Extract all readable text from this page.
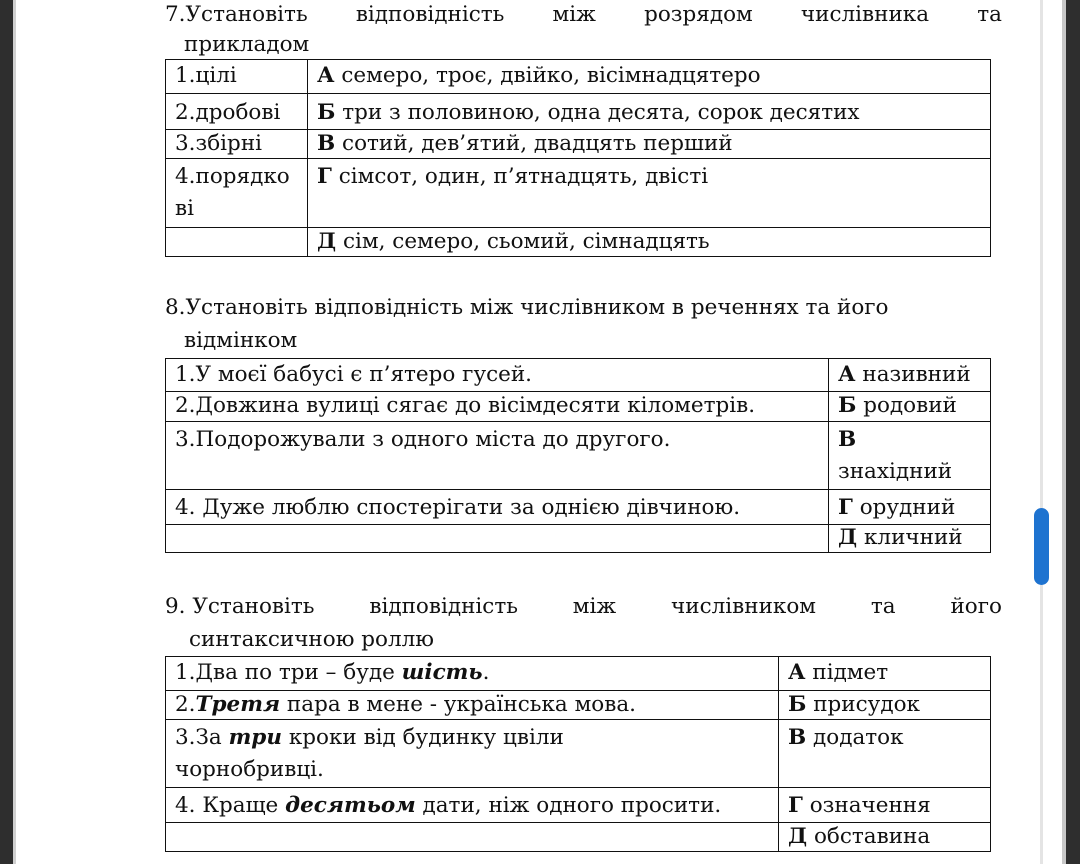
7.Установіть відповідність між розрядом числівника та
прикладом
1.цілі	А семеро, троє, двійко, вісімнадцятеро
2.дробові	Б три з половиною, одна десята, сорок десятих
3.збірні	В сотий, дев’ятий, двадцять перший

4.порядко
ві	Г сімсот, один, п’ятнадцять, двісті
	Д сім, семеро, сьомий, сімнадцять
8.Установіть відповідність між числівником в реченнях та його
відмінком
1.У моєї бабусі є п’ятеро гусей.	А називний
2.Довжина вулиці сягає до вісімдесяти кілометрів.	Б родовий
3.Подорожували з одного міста до другого.	В
знахідний

4. Дуже люблю спостерігати за однією дівчиною.	Г орудний
	Д кличний
9. Установіть	відповідність	між	числівником	та	його
синтаксичною роллю
1.Два по три – буде шість.	А підмет
2.Третя пара в мене - українська мова.	Б присудок

3.За три кроки від будинку цвіли
чорнобривці.	В додаток
4. Краще десятьом дати, ніж одного просити.	Г означення
	Д обставина
